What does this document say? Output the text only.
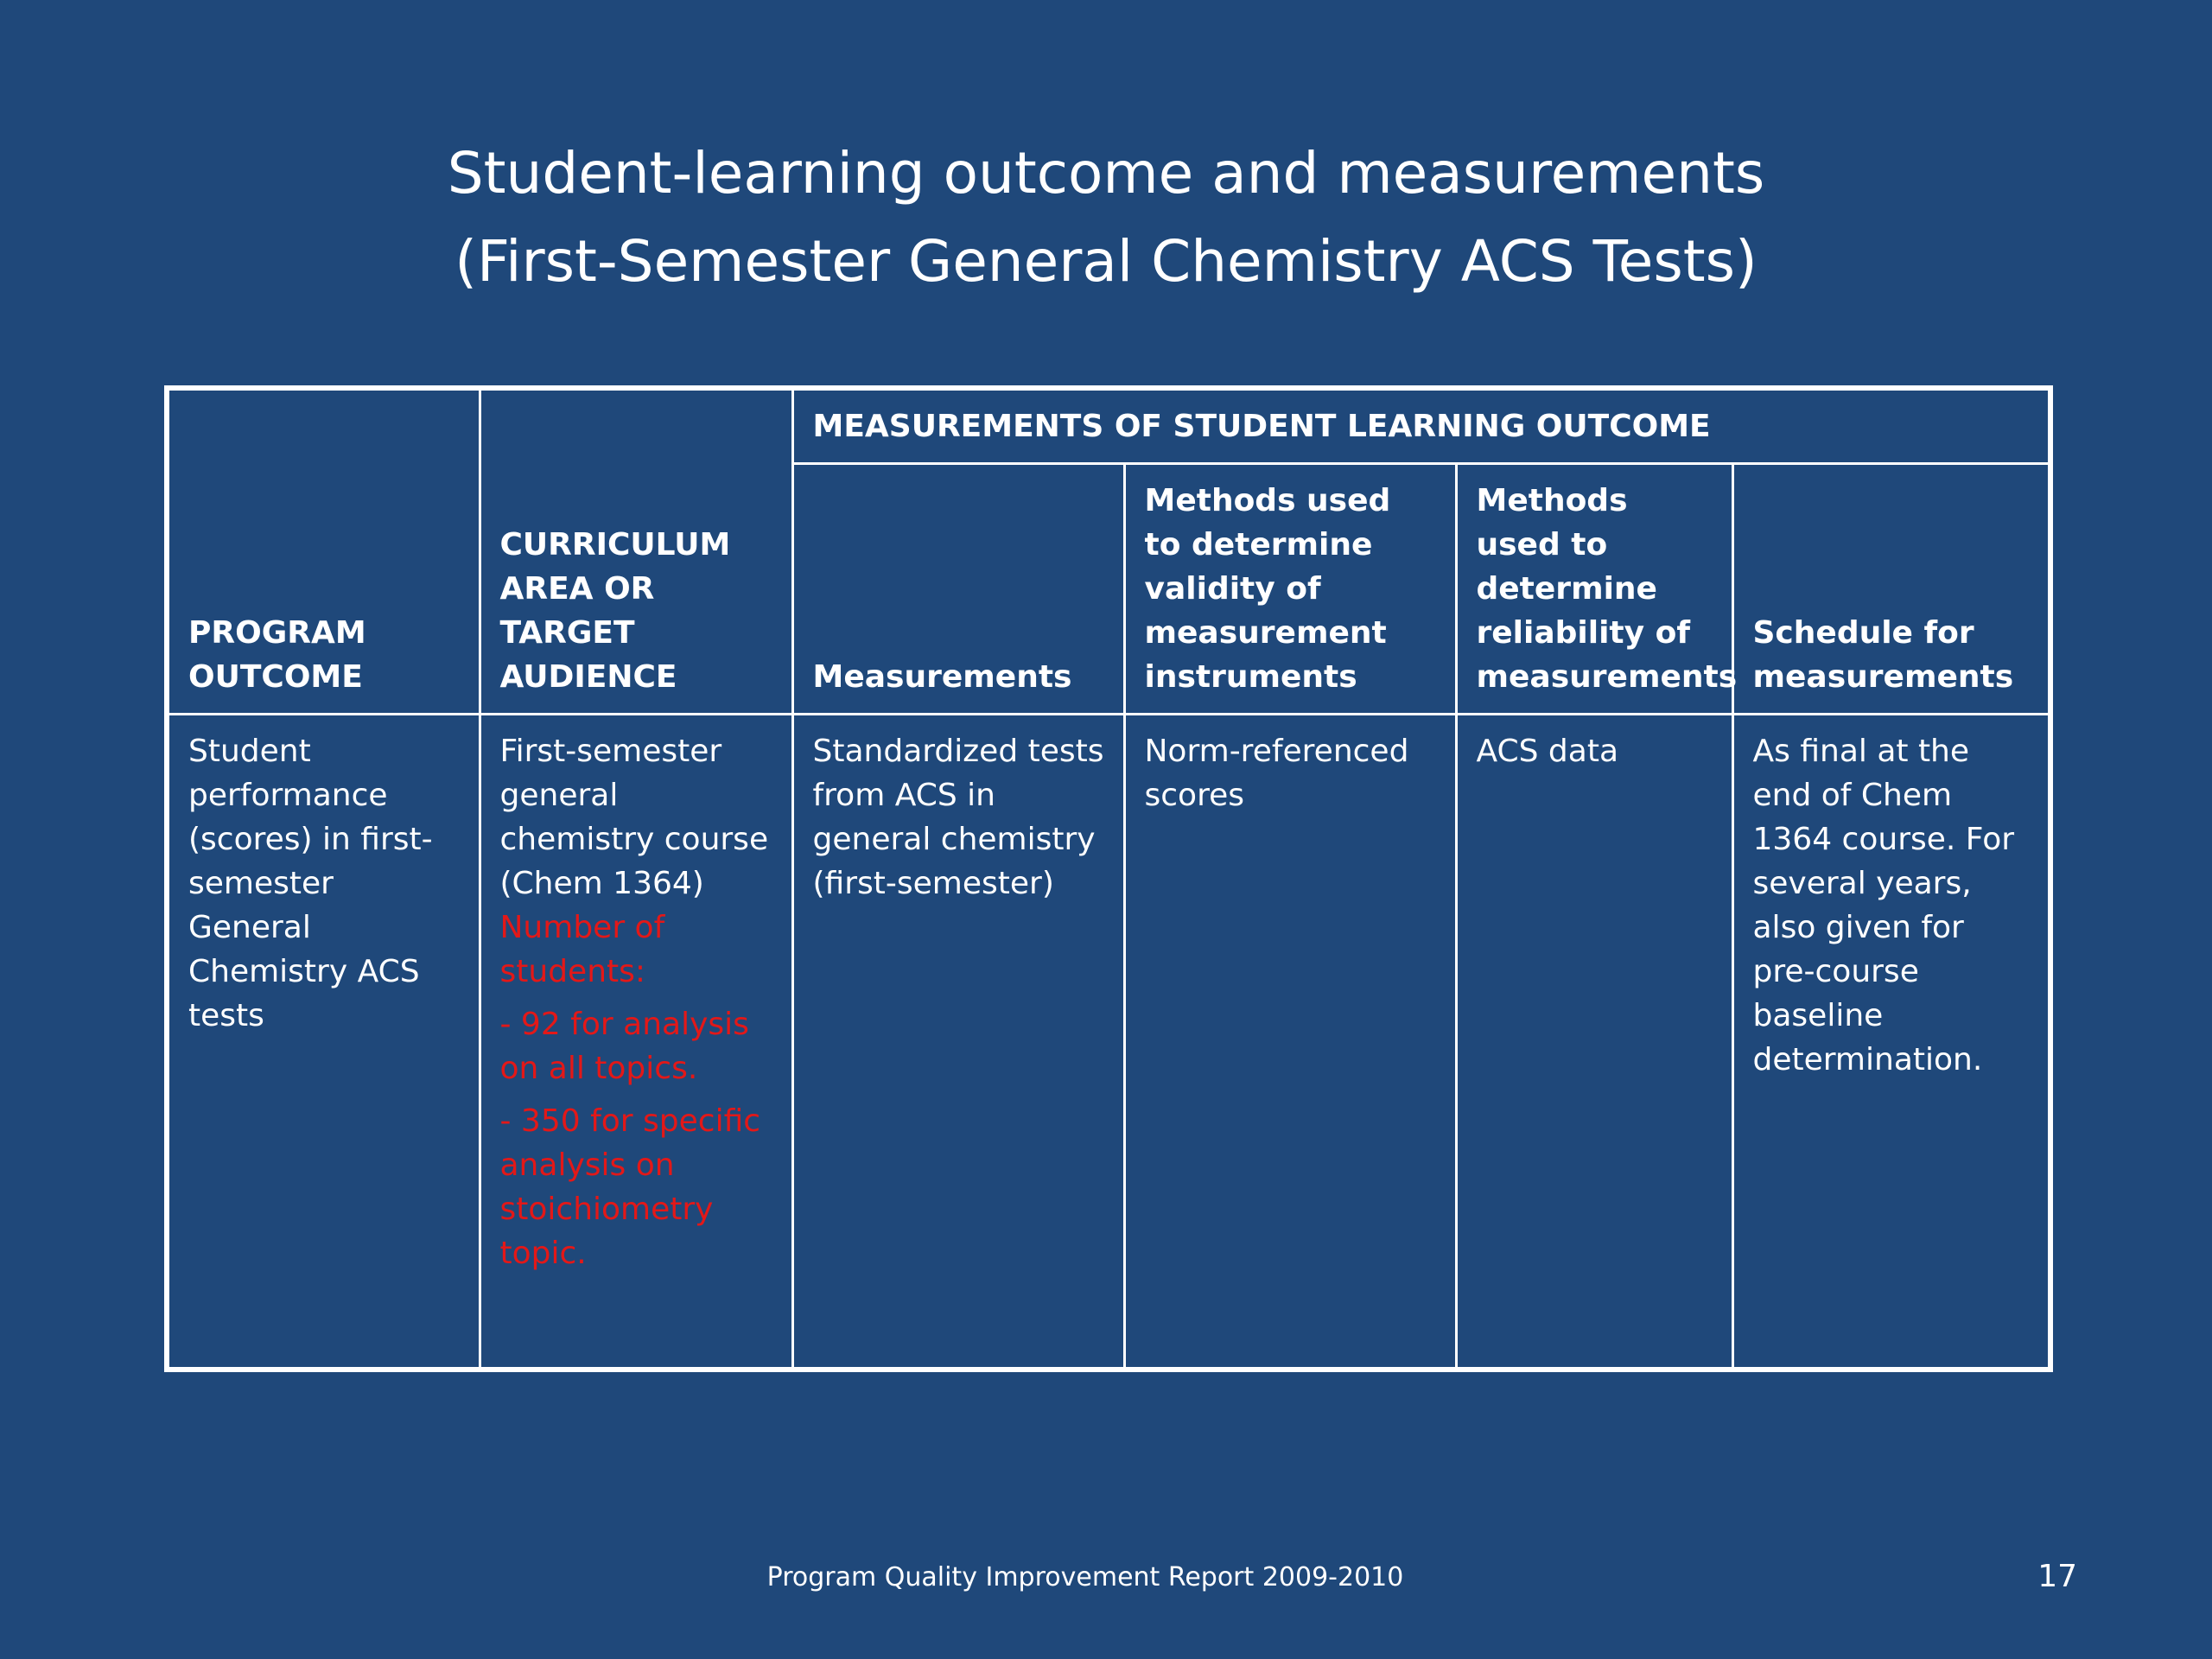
Student-learning outcome and measurements
(First-Semester General Chemistry ACS Tests)
PROGRAM OUTCOME	CURRICULUM AREA OR TARGET AUDIENCE	MEASUREMENTS OF STUDENT LEARNING OUTCOME			
		Measurements	Methods used to determine validity of measurement instruments	Methods used to determine reliability of measurements	Schedule for measurements

Student performance (scores) in first-semester General Chemistry ACS tests	First-semester general chemistry course (Chem 1364)

Number of students:

- 92 for analysis on all topics.

- 350 for specific analysis on stoichiometry topic.	Standardized tests from ACS in general chemistry (first-semester)	Norm-referenced scores	ACS data	As final at the end of Chem 1364 course. For several years, also given for pre-course baseline determination.
Program Quality Improvement Report 2009-2010	17
